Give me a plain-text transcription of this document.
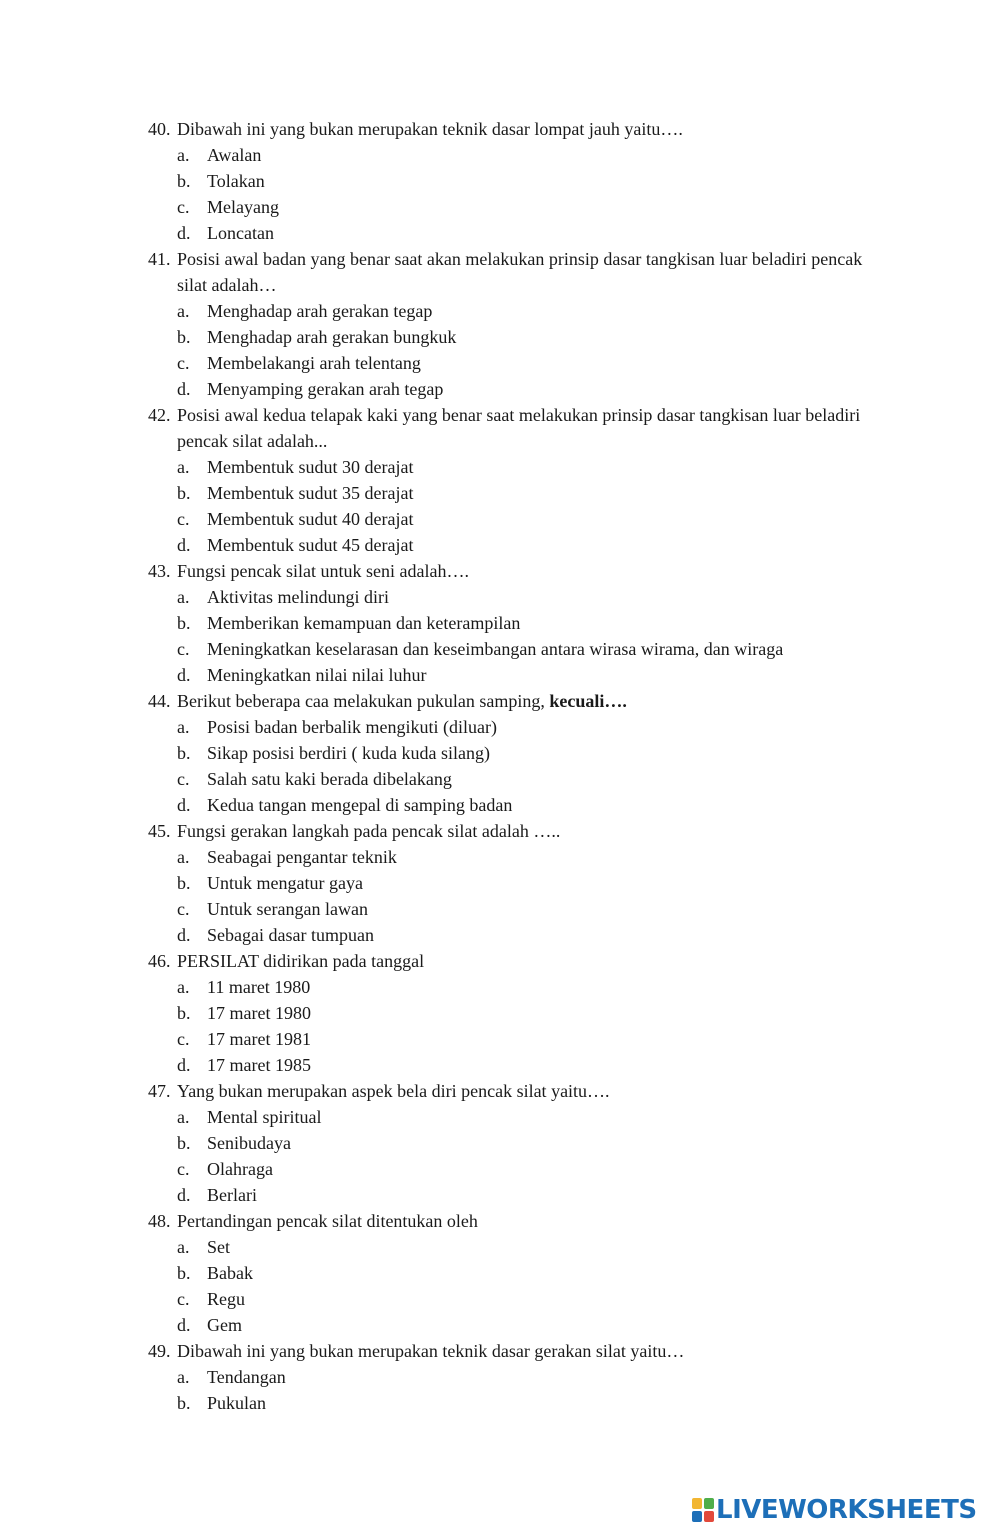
40. Dibawah ini yang bukan merupakan teknik dasar lompat jauh yaitu….
a. Awalan
b. Tolakan
c. Melayang
d. Loncatan
41. Posisi awal badan yang benar saat akan melakukan prinsip dasar tangkisan luar beladiri pencak silat adalah…
a. Menghadap arah gerakan tegap
b. Menghadap arah gerakan bungkuk
c. Membelakangi arah telentang
d. Menyamping gerakan arah tegap
42. Posisi awal kedua telapak kaki yang benar saat melakukan prinsip dasar tangkisan luar beladiri pencak silat adalah...
a. Membentuk sudut 30 derajat
b. Membentuk sudut 35 derajat
c. Membentuk sudut 40 derajat
d. Membentuk sudut 45 derajat
43. Fungsi pencak silat untuk seni adalah….
a. Aktivitas melindungi diri
b. Memberikan kemampuan dan keterampilan
c. Meningkatkan keselarasan dan keseimbangan antara wirasa wirama, dan wiraga
d. Meningkatkan nilai nilai luhur
44. Berikut beberapa caa melakukan pukulan samping, kecuali….
a. Posisi badan berbalik mengikuti (diluar)
b. Sikap posisi berdiri ( kuda kuda silang)
c. Salah satu kaki berada dibelakang
d. Kedua tangan mengepal di samping badan
45. Fungsi gerakan langkah pada pencak silat adalah …..
a. Seabagai pengantar teknik
b. Untuk mengatur gaya
c. Untuk serangan lawan
d. Sebagai dasar tumpuan
46. PERSILAT didirikan pada tanggal
a. 11 maret 1980
b. 17 maret 1980
c. 17 maret 1981
d. 17 maret 1985
47. Yang bukan merupakan aspek bela diri pencak silat yaitu….
a. Mental spiritual
b. Senibudaya
c. Olahraga
d. Berlari
48. Pertandingan pencak silat ditentukan oleh
a. Set
b. Babak
c. Regu
d. Gem
49. Dibawah ini yang bukan merupakan teknik dasar gerakan silat yaitu…
a. Tendangan
b. Pukulan
LIVEWORKSHEETS
